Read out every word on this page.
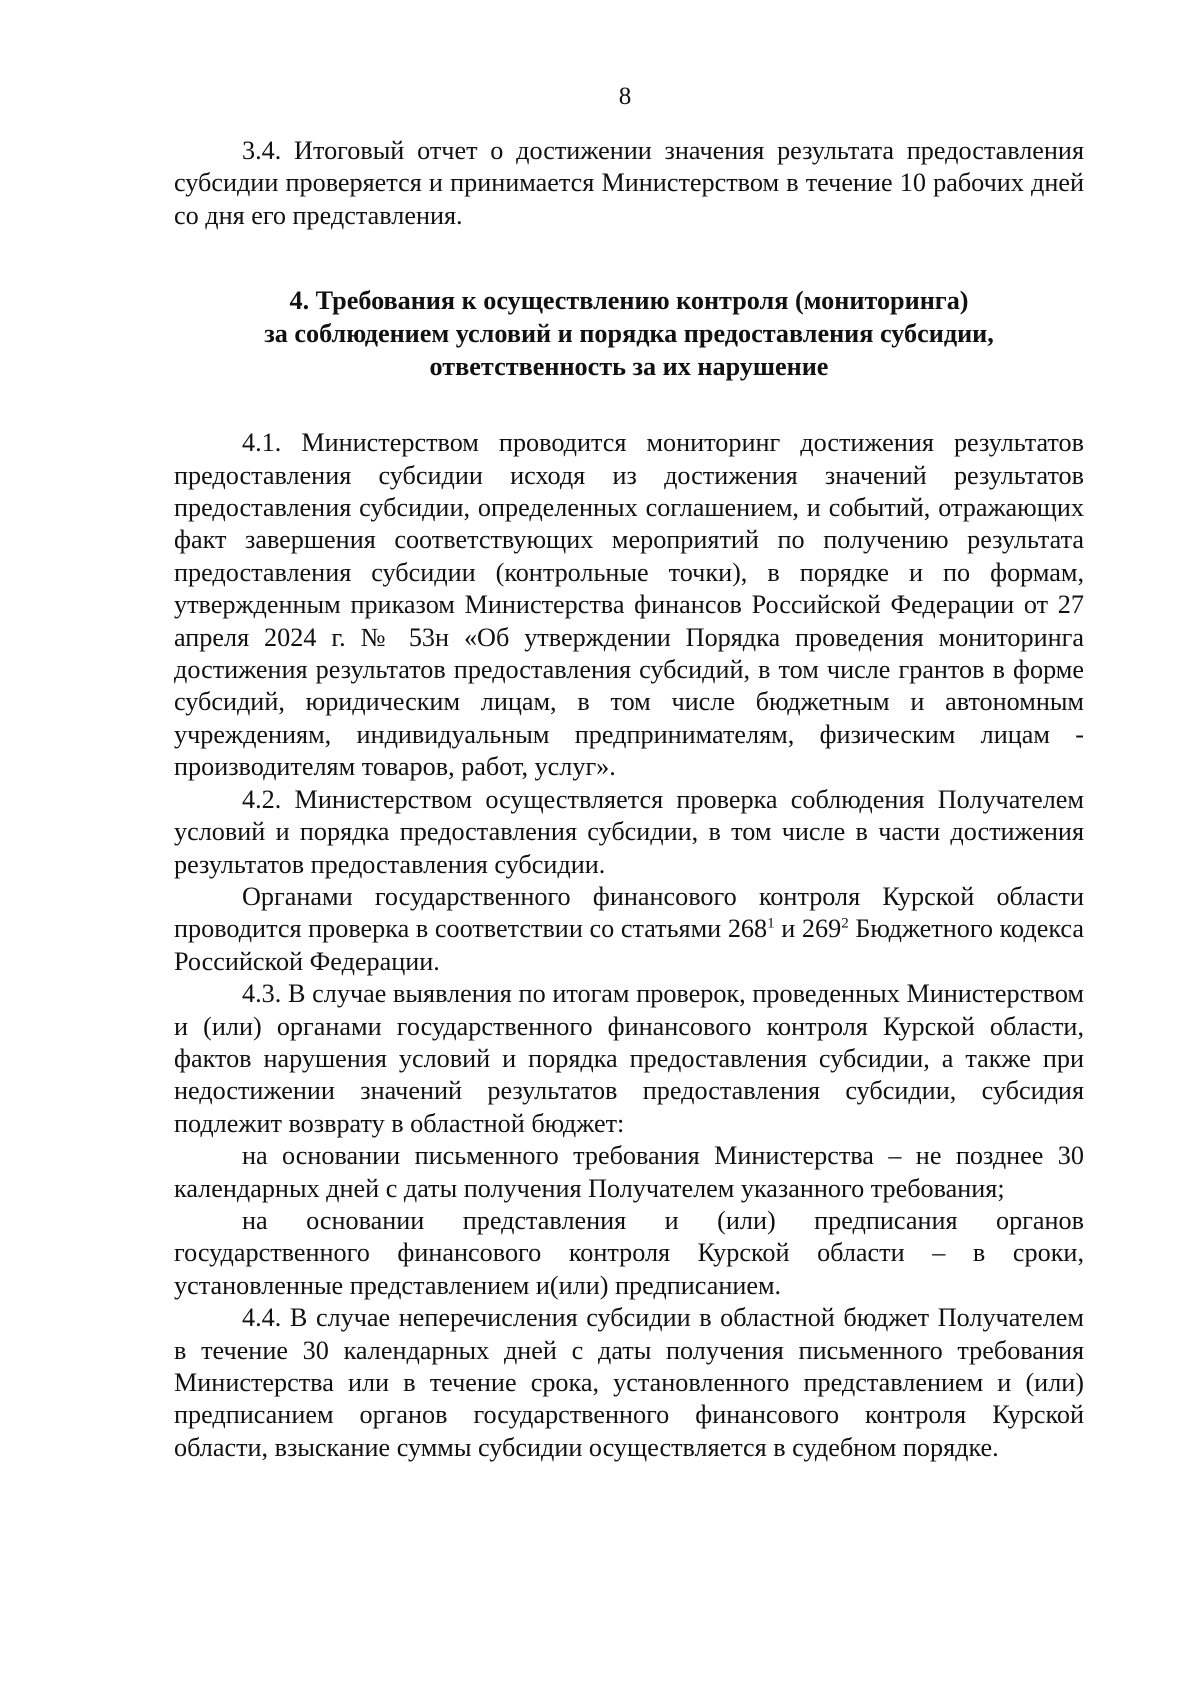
8

3.4. Итоговый отчет о достижении значения результата предоставления субсидии проверяется и принимается Министерством в течение 10 рабочих дней со дня его представления.

4. Требования к осуществлению контроля (мониторинга)
за соблюдением условий и порядка предоставления субсидии,
ответственность за их нарушение

4.1. Министерством проводится мониторинг достижения результатов предоставления субсидии исходя из достижения значений результатов предоставления субсидии, определенных соглашением, и событий, отражающих факт завершения соответствующих мероприятий по получению результата предоставления субсидии (контрольные точки), в порядке и по формам, утвержденным приказом Министерства финансов Российской Федерации от 27 апреля 2024 г. № 53н «Об утверждении Порядка проведения мониторинга достижения результатов предоставления субсидий, в том числе грантов в форме субсидий, юридическим лицам, в том числе бюджетным и автономным учреждениям, индивидуальным предпринимателям, физическим лицам - производителям товаров, работ, услуг».

4.2. Министерством осуществляется проверка соблюдения Получателем условий и порядка предоставления субсидии, в том числе в части достижения результатов предоставления субсидии.

Органами государственного финансового контроля Курской области проводится проверка в соответствии со статьями $268^1$ и $269^2$ Бюджетного кодекса Российской Федерации.

4.3. В случае выявления по итогам проверок, проведенных Министерством и (или) органами государственного финансового контроля Курской области, фактов нарушения условий и порядка предоставления субсидии, а также при недостижении значений результатов предоставления субсидии, субсидия подлежит возврату в областной бюджет:

на основании письменного требования Министерства – не позднее 30 календарных дней с даты получения Получателем указанного требования;

на основании представления и (или) предписания органов государственного финансового контроля Курской области – в сроки, установленные представлением и(или) предписанием.

4.4. В случае неперечисления субсидии в областной бюджет Получателем в течение 30 календарных дней с даты получения письменного требования Министерства или в течение срока, установленного представлением и (или) предписанием органов государственного финансового контроля Курской области, взыскание суммы субсидии осуществляется в судебном порядке.
